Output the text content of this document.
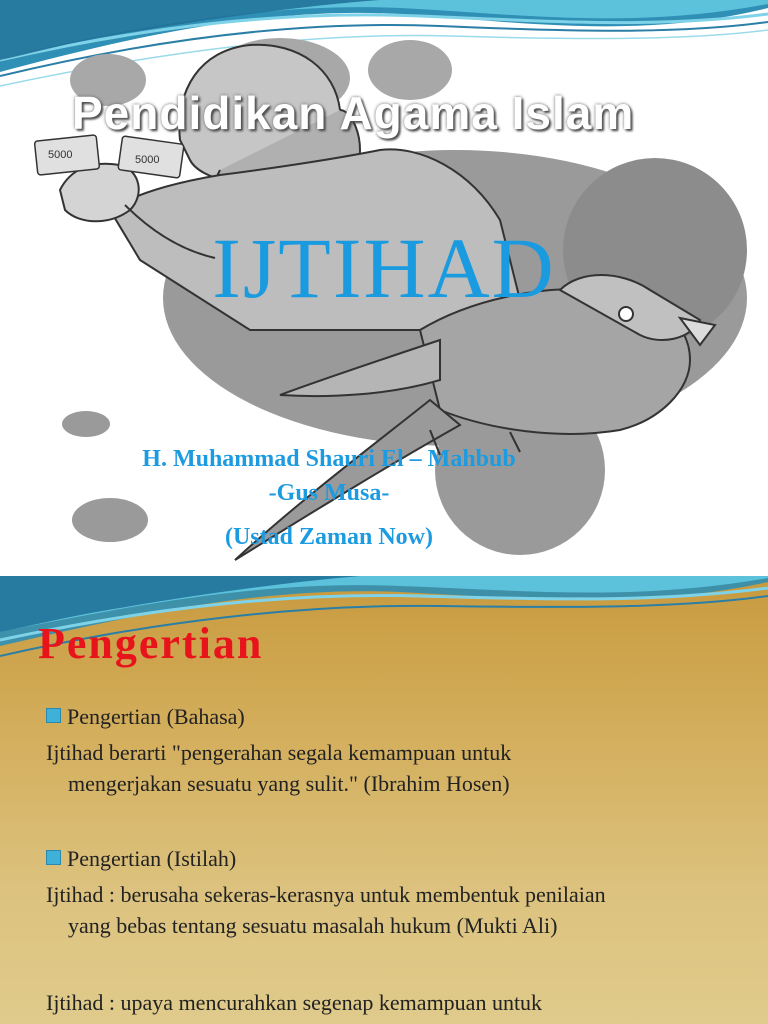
5000	5000
Pendidikan Agama Islam
IJTIHAD
H. Muhammad Shauri El – Mahbub
-Gus Musa-
(Ustad Zaman Now)
Pengertian
Pengertian (Bahasa)
Ijtihad berarti "pengerahan segala kemampuan untuk
mengerjakan sesuatu yang sulit." (Ibrahim Hosen)
Pengertian (Istilah)
Ijtihad : berusaha sekeras-kerasnya untuk membentuk penilaian
yang bebas tentang sesuatu masalah hukum (Mukti Ali)
Ijtihad : upaya mencurahkan segenap kemampuan untuk
